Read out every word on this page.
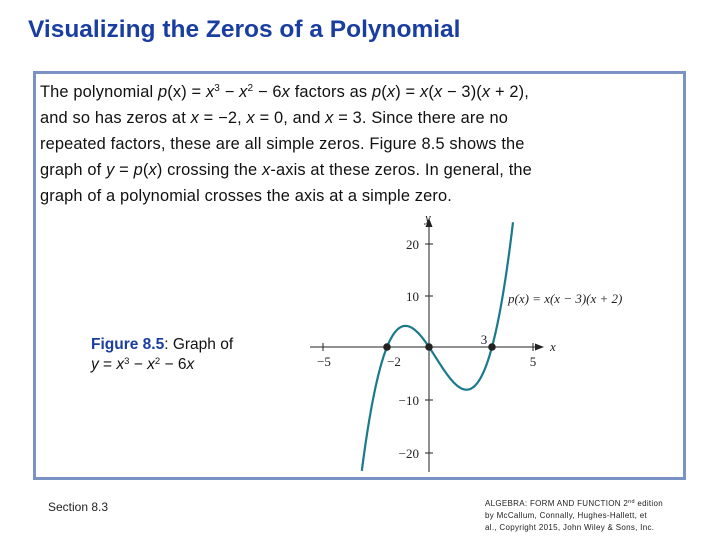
Visualizing the Zeros of a Polynomial
The polynomial $p(x) = x^3 - x^2 - 6x$ factors as p(x) = x(x − 3)(x + 2),
and so has zeros at x = −2, x = 0, and x = 3. Since there are no
repeated factors, these are all simple zeros. Figure 8.5 shows the
graph of y = p(x) crossing the x-axis at these zeros. In general, the
graph of a polynomial crosses the axis at a simple zero.
Figure 8.5: Graph of
$y = x^3 - x^2 - 6x$
y
x
20
10
−10
−20
−5	−2
3
5
p(x) = x(x − 3)(x + 2)
Section 8.3	ALGEBRA: FORM AND FUNCTION 2nd edition
by McCallum, Connally, Hughes-Hallett, et
al., Copyright 2015, John Wiley & Sons, Inc.
